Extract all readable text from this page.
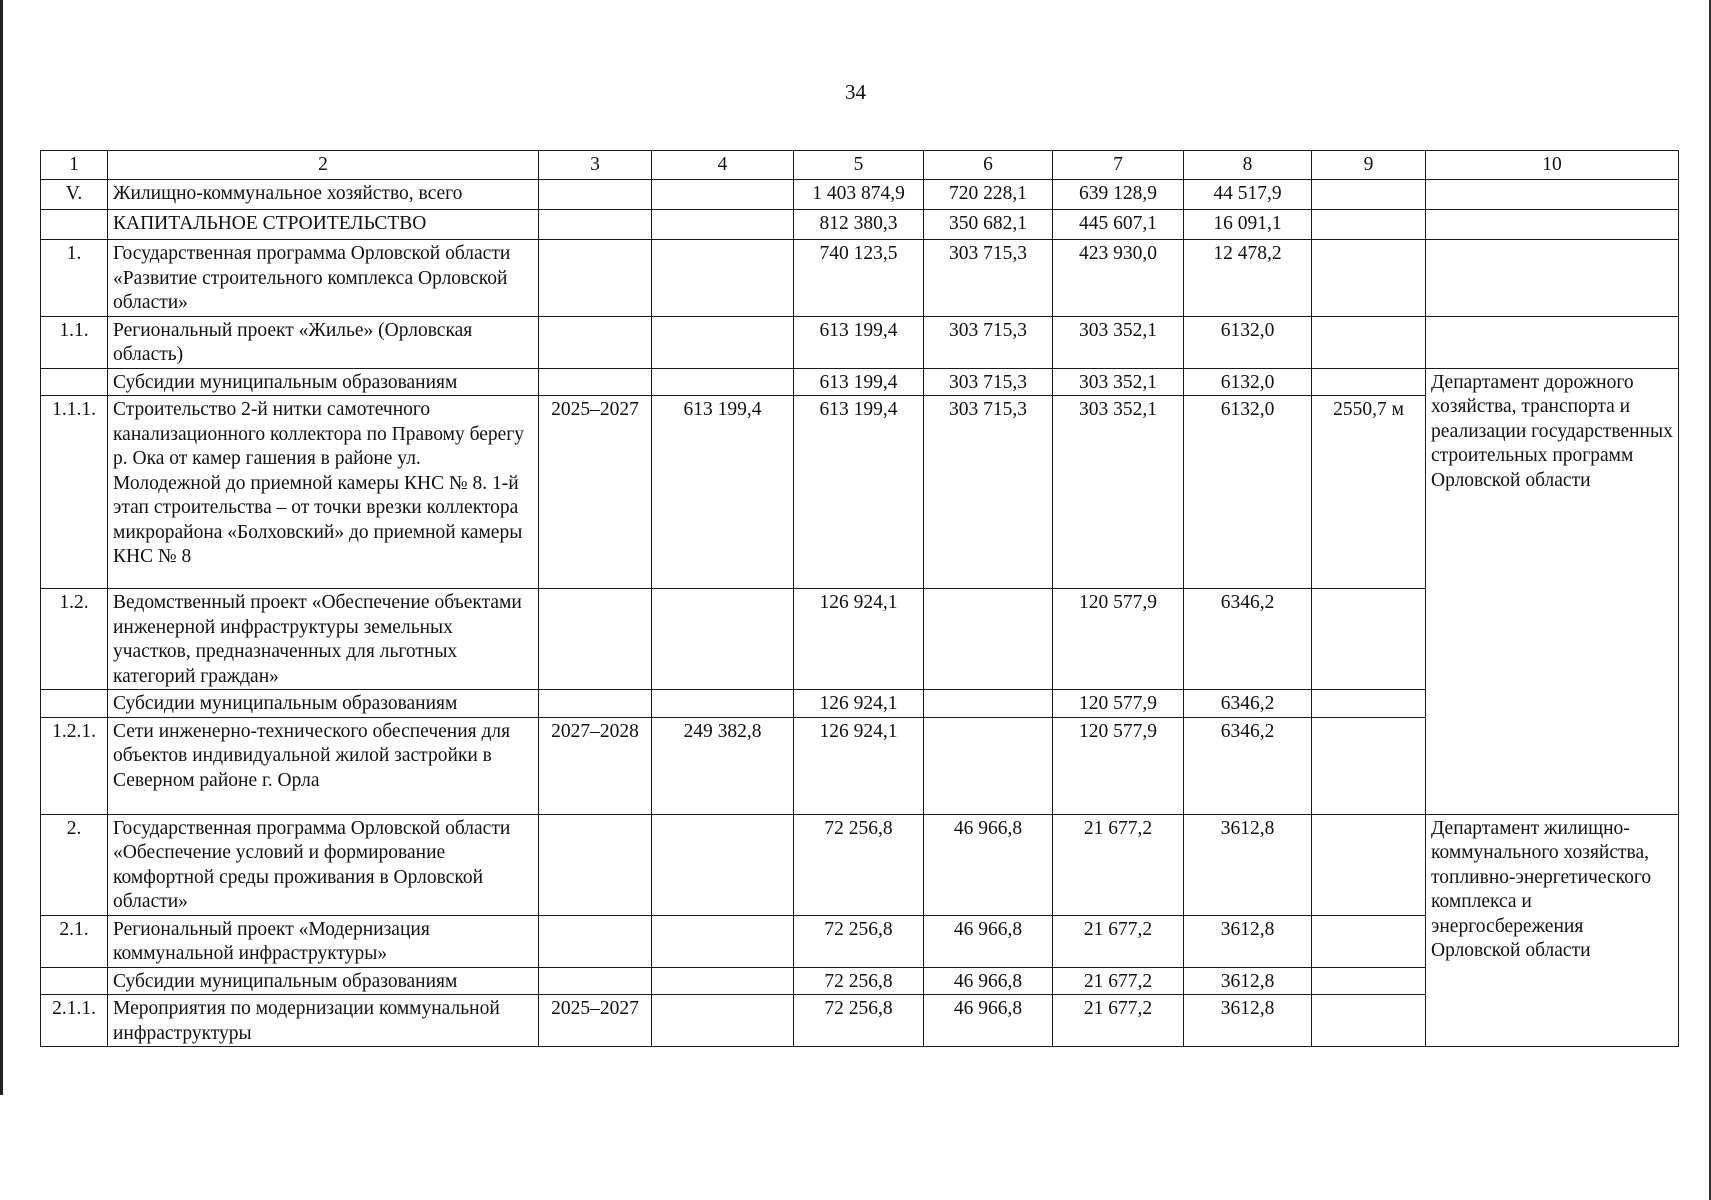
34
1	2	3	4	5	6	7	8	9	10
V.	Жилищно-коммунальное хозяйство, всего			1 403 874,9	720 228,1	639 128,9	44 517,9		
	КАПИТАЛЬНОЕ СТРОИТЕЛЬСТВО			812 380,3	350 682,1	445 607,1	16 091,1		
1.	Государственная программа Орловской области «Развитие строительного комплекса Орловской области»			740 123,5	303 715,3	423 930,0	12 478,2		
1.1.	Региональный проект «Жилье» (Орловская область)			613 199,4	303 715,3	303 352,1	6132,0		
	Субсидии муниципальным образованиям			613 199,4	303 715,3	303 352,1	6132,0		Департамент дорожного хозяйства, транспорта и реализации государственных строительных программ Орловской области
1.1.1.	Строительство 2-й нитки самотечного канализационного коллектора по Правому берегу р. Ока от камер гашения в районе ул. Молодежной до приемной камеры КНС № 8. 1-й этап строительства – от точки врезки коллектора микрорайона «Болховский» до приемной камеры КНС № 8	2025–2027	613 199,4	613 199,4	303 715,3	303 352,1	6132,0	2550,7 м	
1.2.	Ведомственный проект «Обеспечение объектами инженерной инфраструктуры земельных участков, предназначенных для льготных категорий граждан»			126 924,1		120 577,9	6346,2		
	Субсидии муниципальным образованиям			126 924,1		120 577,9	6346,2		
1.2.1.	Сети инженерно-технического обеспечения для объектов индивидуальной жилой застройки в Северном районе г. Орла	2027–2028	249 382,8	126 924,1		120 577,9	6346,2		
2.	Государственная программа Орловской области «Обеспечение условий и формирование комфортной среды проживания в Орловской области»			72 256,8	46 966,8	21 677,2	3612,8		Департамент жилищно-коммунального хозяйства, топливно-энергетического комплекса и энергосбережения Орловской области
2.1.	Региональный проект «Модернизация коммунальной инфраструктуры»			72 256,8	46 966,8	21 677,2	3612,8		
	Субсидии муниципальным образованиям			72 256,8	46 966,8	21 677,2	3612,8		
2.1.1.	Мероприятия по модернизации коммунальной инфраструктуры	2025–2027		72 256,8	46 966,8	21 677,2	3612,8		
